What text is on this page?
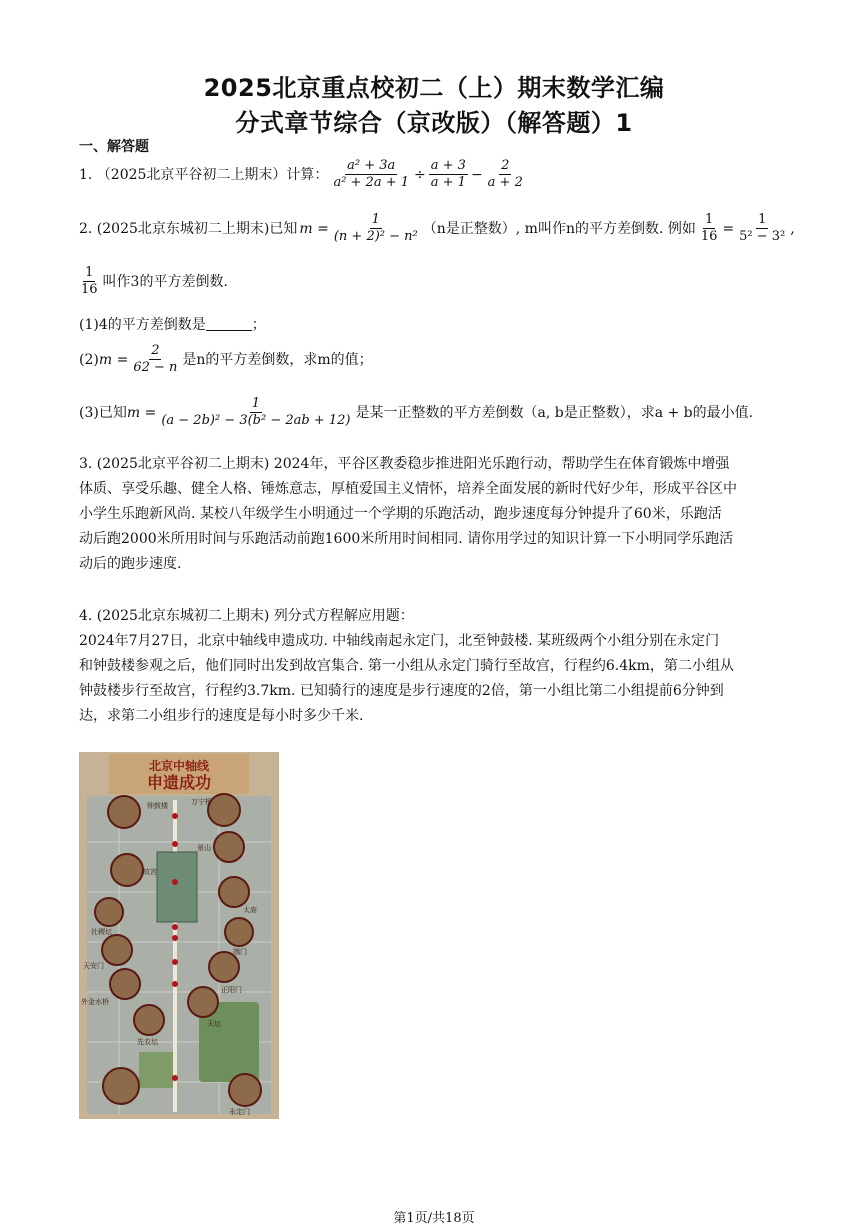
2025北京重点校初二（上）期末数学汇编
分式章节综合（京改版）（解答题）1
一、解答题
1. （2025北京平谷初二上期末）计算： $\frac{\text{a² + 3a}}{\text{a² + 2a + 1}} \div \frac{a + 3}{a + 1} - \frac{2}{a + 2}$
2. (2025北京东城初二上期末)已知 $m = \frac{1}{\text{(n + 2)² − n²}} (n$是正整数）, m叫作n的平方差倒数. 例如 $\frac{1}{16} = \frac{1}{\text{5² − 3²}}$ ,
$\frac{1}{16}$ 叫作3的平方差倒数.
(1)4的平方差倒数是	；
(2) $m = \frac{2}{62 - n}$ 是n的平方差倒数，求m的值；
(3)已知 $m = \frac{1}{\text{(a − 2b)² − 3(b² − 2ab + 12)}}$ 是某一正整数的平方差倒数（a, b是正整数），求a + b的最小值.
3. (2025北京平谷初二上期末) 2024年，平谷区教委稳步推进阳光乐跑行动，帮助学生在体育锻炼中增强
体质、享受乐趣、健全人格、锤炼意志，厚植爱国主义情怀，培养全面发展的新时代好少年，形成平谷区中
小学生乐跑新风尚. 某校八年级学生小明通过一个学期的乐跑活动，跑步速度每分钟提升了60米，乐跑活
动后跑2000米所用时间与乐跑活动前跑1600米所用时间相同. 请你用学过的知识计算一下小明同学乐跑活
动后的跑步速度.
4. (2025北京东城初二上期末) 列分式方程解应用题：
2024年7月27日，北京中轴线申遗成功. 中轴线南起永定门，北至钟鼓楼. 某班级两个小组分别在永定门
和钟鼓楼参观之后，他们同时出发到故宫集合. 第一小组从永定门骑行至故宫，行程约6.4km，第二小组从
钟鼓楼步行至故宫，行程约3.7km. 已知骑行的速度是步行速度的2倍，第一小组比第二小组提前6分钟到
达，求第二小组步行的速度是每小时多少千米.
北京中轴线
申遗成功
钟鼓楼	万宁桥
景山
故宫
社稷坛
太庙
天安门
端门
外金水桥
正阳门
天坛
先农坛
永定门
第1页/共18页
